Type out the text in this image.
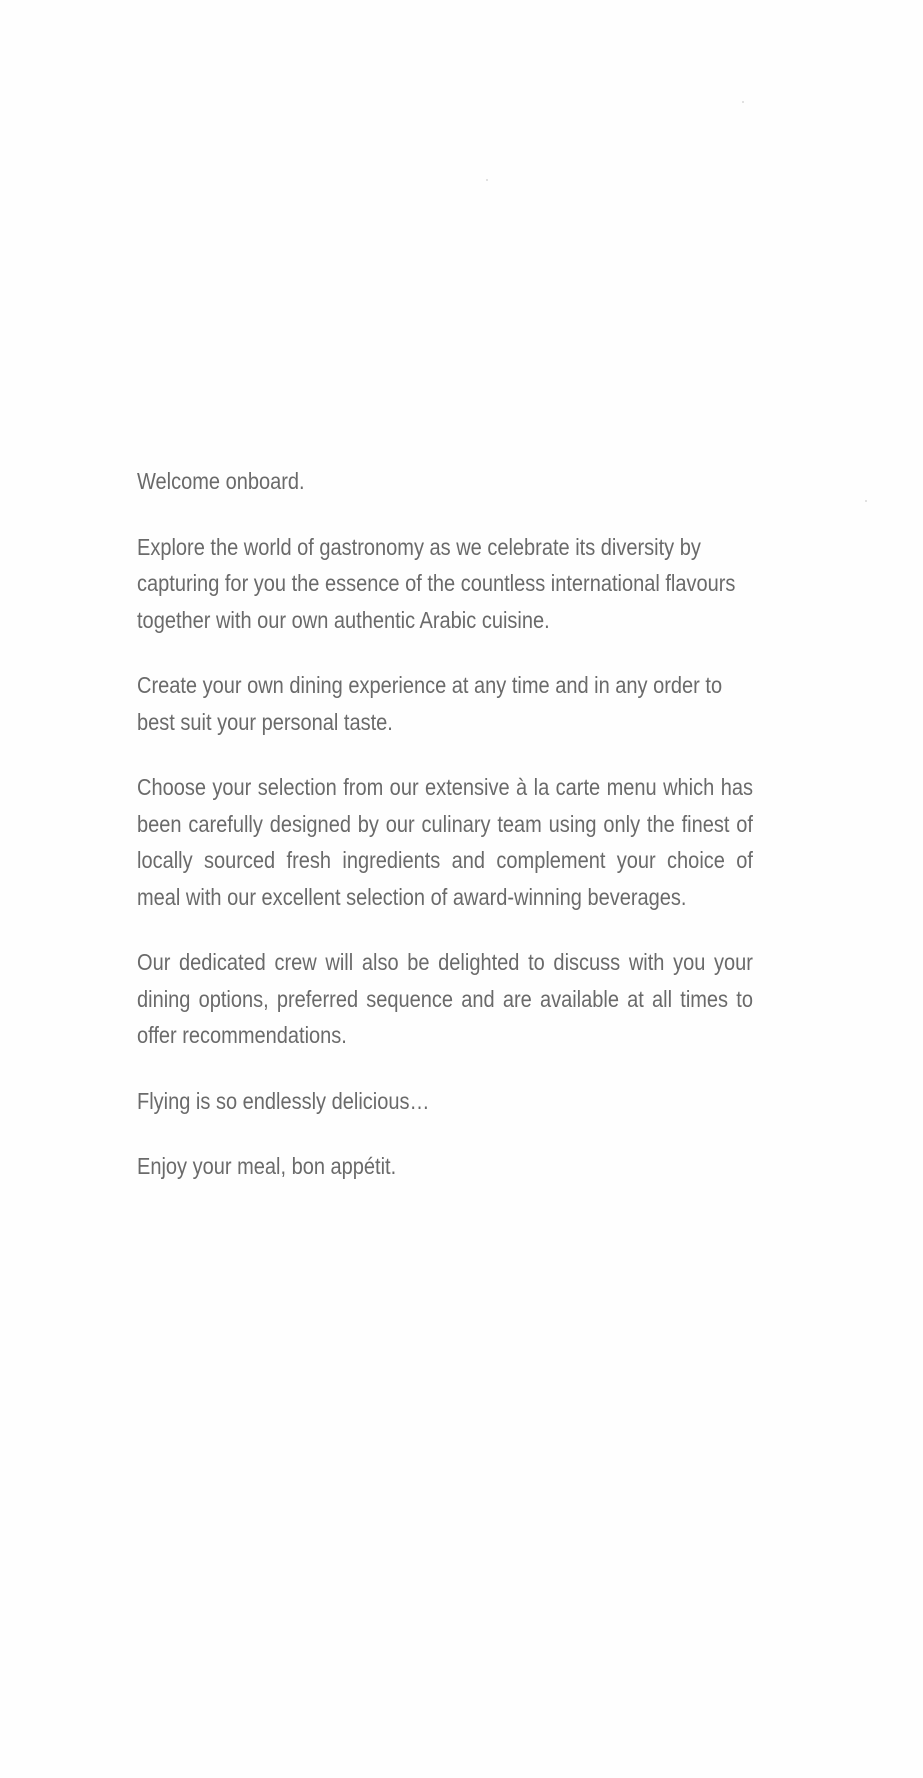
Welcome onboard.

Explore the world of gastronomy as we celebrate its diversity by capturing for you the essence of the countless international flavours together with our own authentic Arabic cuisine.

Create your own dining experience at any time and in any order to best suit your personal taste.

Choose your selection from our extensive à la carte menu which has been carefully designed by our culinary team using only the finest of locally sourced fresh ingredients and complement your choice of meal with our excellent selection of award-winning beverages.

Our dedicated crew will also be delighted to discuss with you your dining options, preferred sequence and are available at all times to offer recommendations.

Flying is so endlessly delicious…

Enjoy your meal, bon appétit.
